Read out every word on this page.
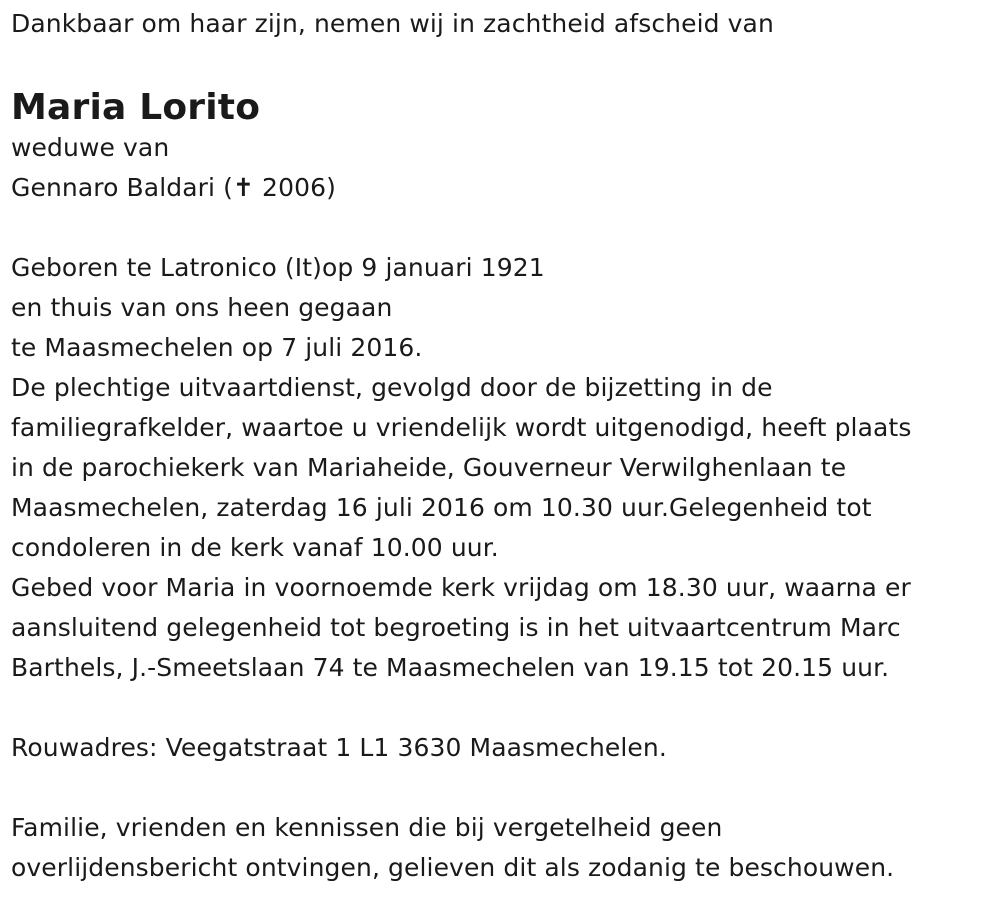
Dankbaar om haar zijn, nemen wij in zachtheid afscheid van
Maria Lorito
weduwe van
Gennaro Baldari (✝ 2006)
Geboren te Latronico (It)op 9 januari 1921
en thuis van ons heen gegaan
te Maasmechelen op 7 juli 2016.
De plechtige uitvaartdienst, gevolgd door de bijzetting in de
familiegrafkelder, waartoe u vriendelijk wordt uitgenodigd, heeft plaats
in de parochiekerk van Mariaheide, Gouverneur Verwilghenlaan te
Maasmechelen, zaterdag 16 juli 2016 om 10.30 uur.Gelegenheid tot
condoleren in de kerk vanaf 10.00 uur.
Gebed voor Maria in voornoemde kerk vrijdag om 18.30 uur, waarna er
aansluitend gelegenheid tot begroeting is in het uitvaartcentrum Marc
Barthels, J.-Smeetslaan 74 te Maasmechelen van 19.15 tot 20.15 uur.
Rouwadres: Veegatstraat 1 L1 3630 Maasmechelen.
Familie, vrienden en kennissen die bij vergetelheid geen
overlijdensbericht ontvingen, gelieven dit als zodanig te beschouwen.
